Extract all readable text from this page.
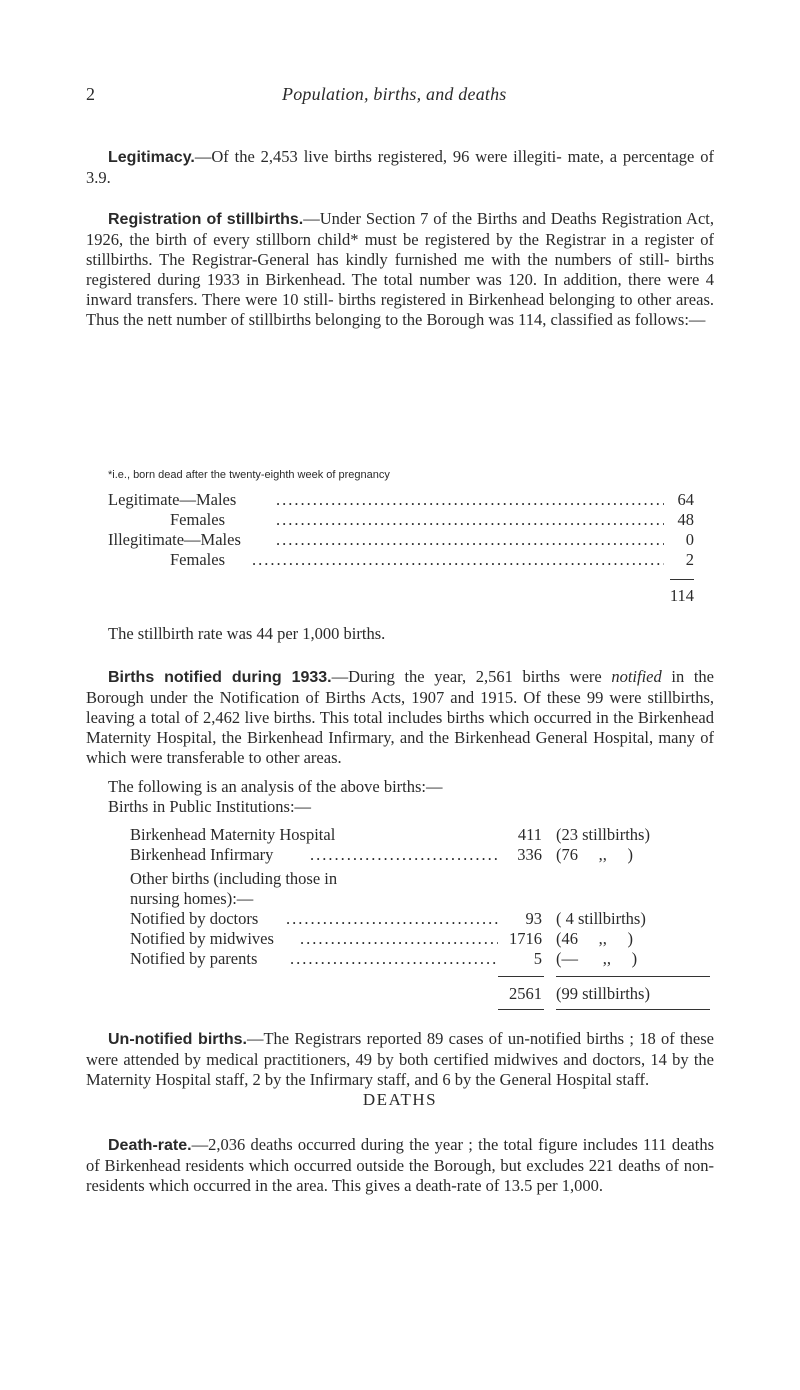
2	Population, births, and deaths

Legitimacy.—Of the 2,453 live births registered, 96 were illegiti- mate, a percentage of 3.9.

Registration of stillbirths.—Under Section 7 of the Births and Deaths Registration Act, 1926, the birth of every stillborn child* must be registered by the Registrar in a register of stillbirths. The Registrar-General has kindly furnished me with the numbers of still- births registered during 1933 in Birkenhead. The total number was 120. In addition, there were 4 inward transfers. There were 10 still- births registered in Birkenhead belonging to other areas. Thus the nett number of stillbirths belonging to the Borough was 114, classified as follows:—

*i.e., born dead after the twenty-eighth week of pregnancy
Legitimate—Males .....	64
Females .....	48
Illegitimate—Males .....	0
Females .....	2
114

The stillbirth rate was 44 per 1,000 births.

Births notified during 1933.—During the year, 2,561 births were notified in the Borough under the Notification of Births Acts, 1907 and 1915. Of these 99 were stillbirths, leaving a total of 2,462 live births. This total includes births which occurred in the Birkenhead Maternity Hospital, the Birkenhead Infirmary, and the Birkenhead General Hospital, many of which were transferable to other areas.

The following is an analysis of the above births:—

Births in Public Institutions:—
Birkenhead Maternity Hospital	411 (23 stillbirths)
Birkenhead Infirmary .....	336 (76     ,,     )
Other births (including those in
nursing homes):—
Notified by doctors .....	93 ( 4 stillbirths)
Notified by midwives .....	1716 (46     ,,     )
Notified by parents .....	5 (—      ,,     )
2561 (99 stillbirths)

Un-notified births.—The Registrars reported 89 cases of un-notified births ; 18 of these were attended by medical practitioners, 49 by both certified midwives and doctors, 14 by the Maternity Hospital staff, 2 by the Infirmary staff, and 6 by the General Hospital staff.

DEATHS

Death-rate.—2,036 deaths occurred during the year ; the total figure includes 111 deaths of Birkenhead residents which occurred outside the Borough, but excludes 221 deaths of non-residents which occurred in the area. This gives a death-rate of 13.5 per 1,000.
